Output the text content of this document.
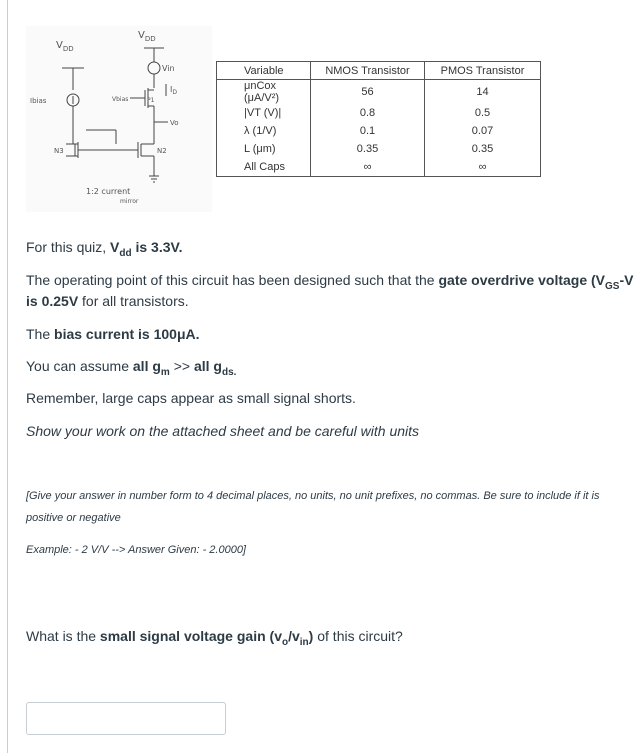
$V_{DD}$
$V_{DD}$
Vin
$I_D$
Ibias	Vbias	P1
Vo
N3	N2
1:2 current
mirror
Variable	NMOS Transistor	PMOS Transistor
μnCox (μA/V²)	56	14
|VT (V)|	0.8	0.5
λ (1/V)	0.1	0.07
L (μm)	0.35	0.35
All Caps	∞	∞
For this quiz, $V_{dd}$ is 3.3V.
The operating point of this circuit has been designed such that the gate overdrive voltage ($V_{GS}-V$
is 0.25V for all transistors.
The bias current is 100μA.
You can assume all $g_m$ >> all $g_{ds.}$
Remember, large caps appear as small signal shorts.
Show your work on the attached sheet and be careful with units
[Give your answer in number form to 4 decimal places, no units, no unit prefixes, no commas. Be sure to include if it is
positive or negative
Example: - 2 V/V --> Answer Given: - 2.0000]
What is the small signal voltage gain $(v_o/v_{in})$ of this circuit?
